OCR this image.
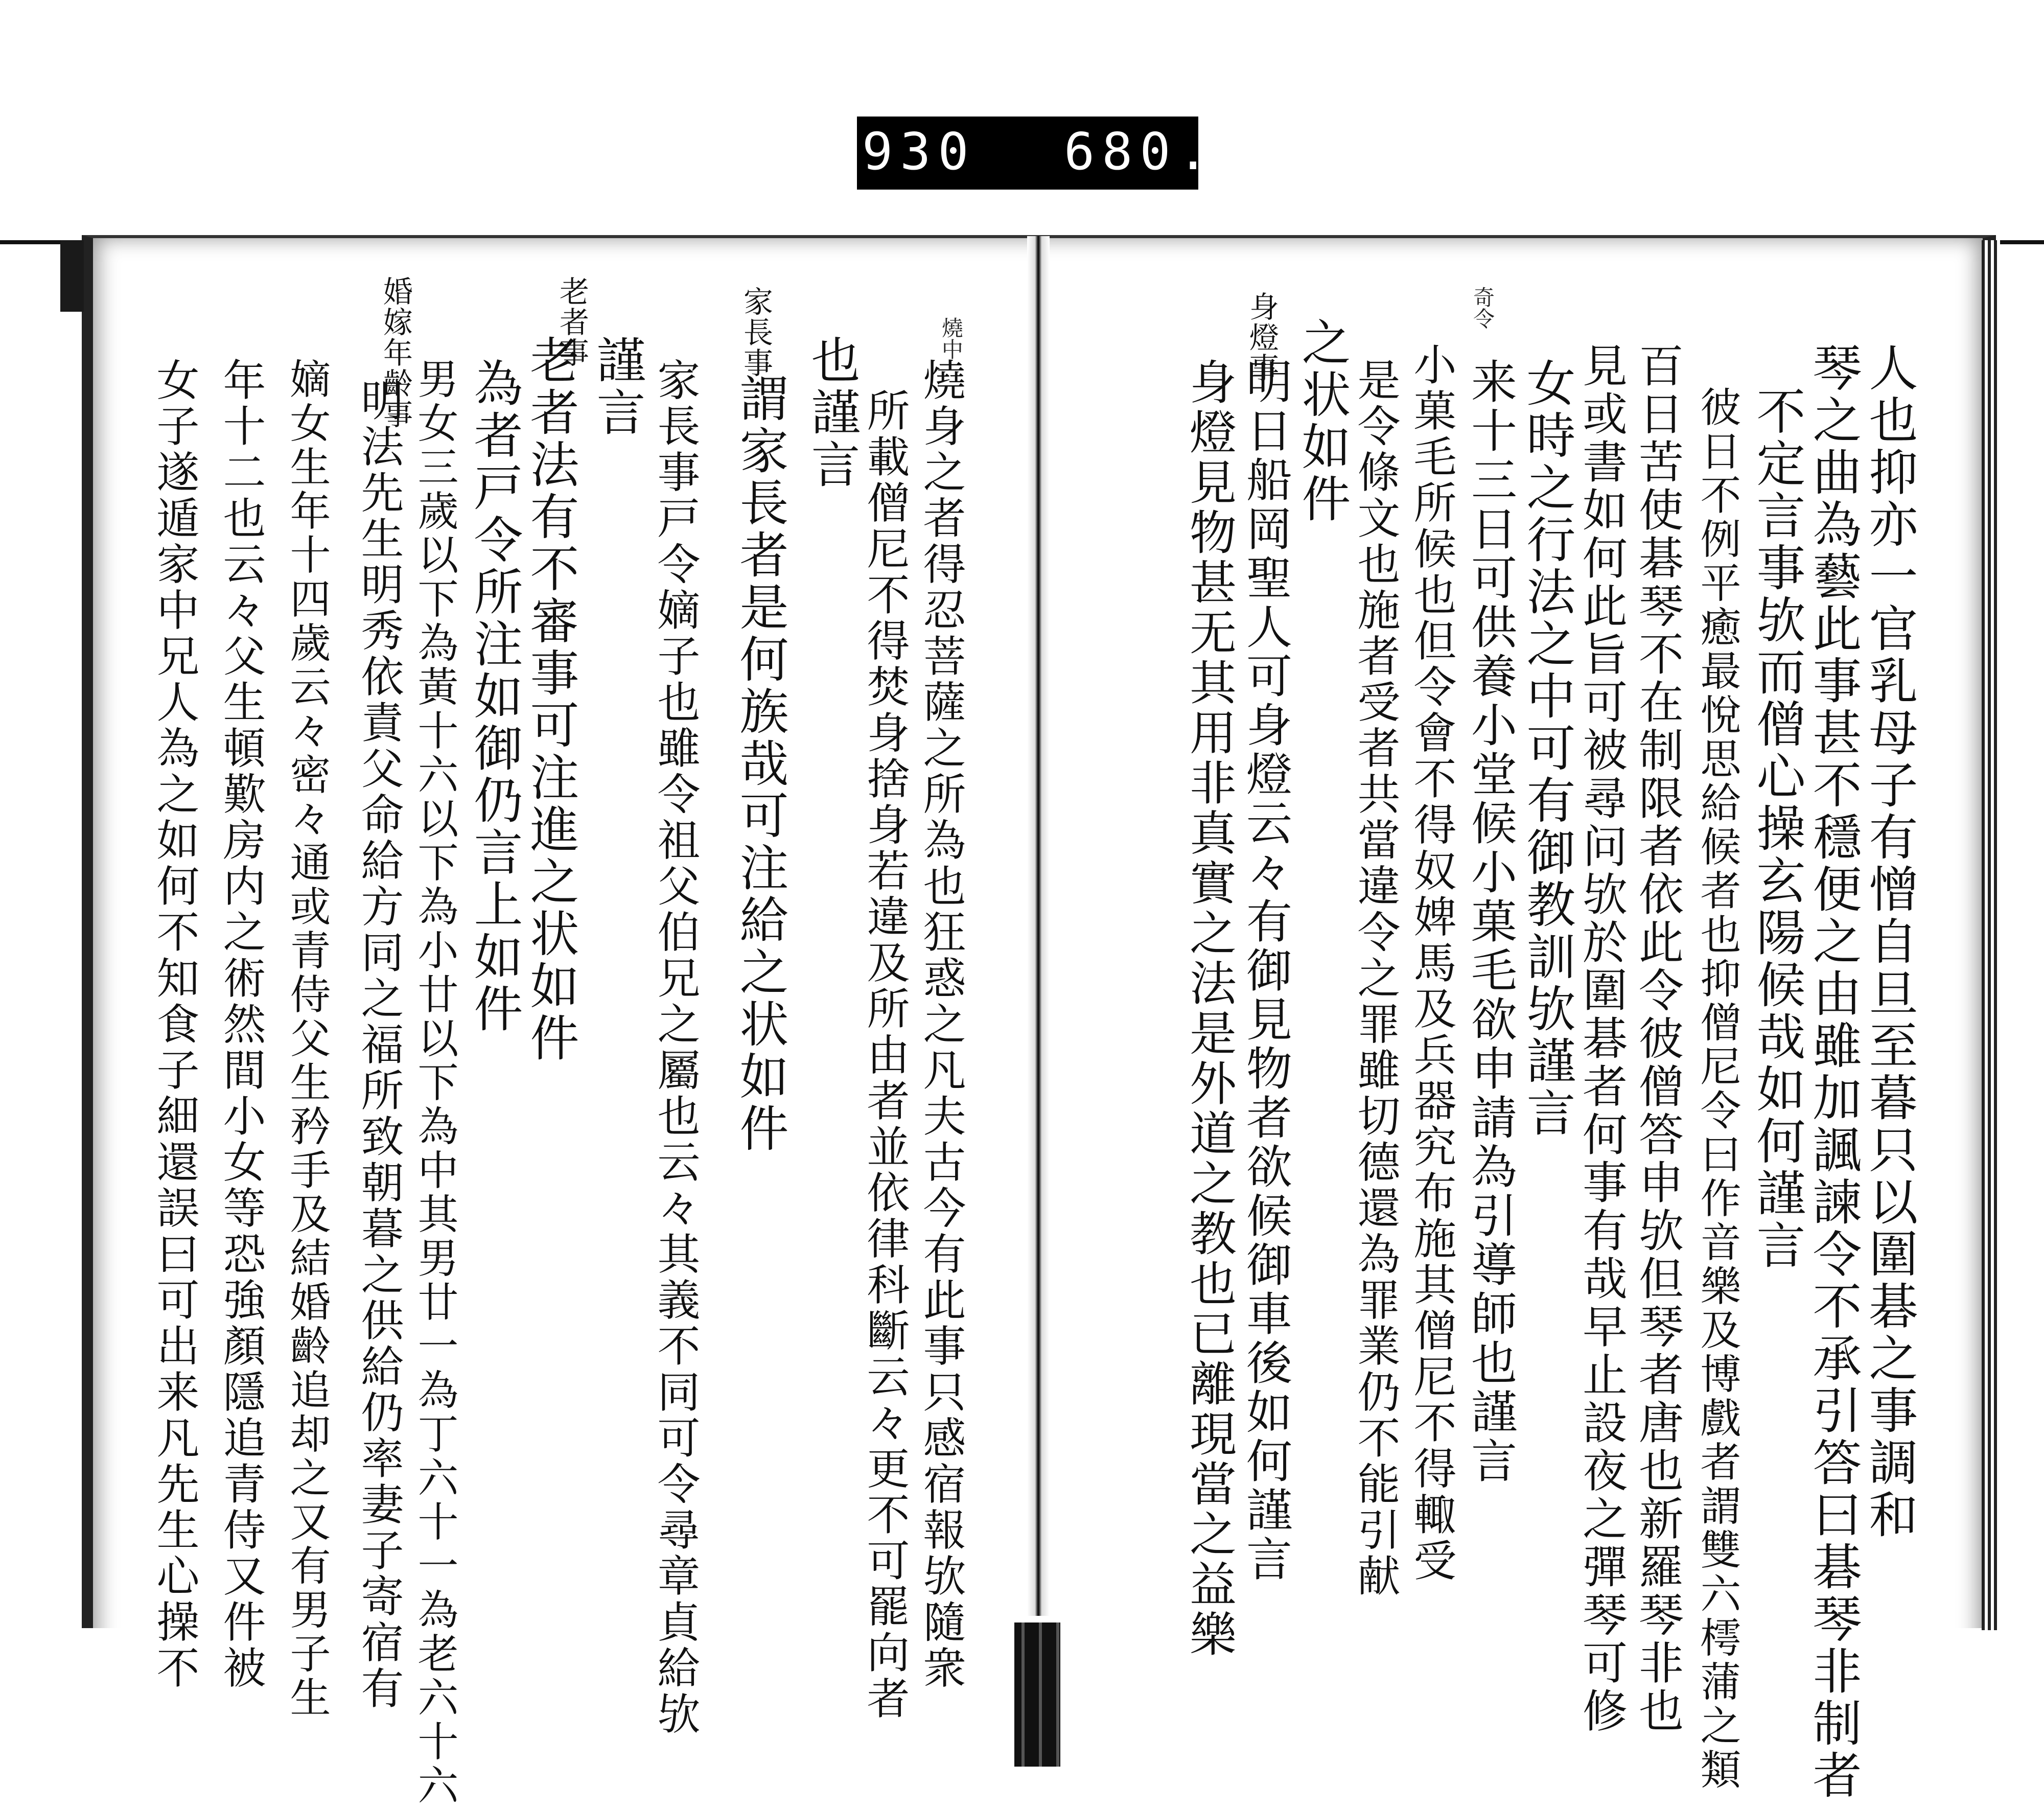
930 680.
人也抑亦一官乳母子有憎自旦至暮只以圍碁之事調和
琴之曲為藝此事甚不穩便之由雖加諷諫令不承引答曰碁琴非制者
不定言事欤而僧心操玄陽候哉如何謹言
彼日不例平癒最悅思給候者也抑僧尼令曰作音樂及博戲者謂雙六樗蒲之類
百日苦使碁琴不在制限者依此令彼僧答申欤但琴者唐也新羅琴非也
見或書如何此旨可被尋问欤於圍碁者何事有哉早止設夜之彈琴可修
女時之行法之中可有御教訓欤謹言
来十三日可供養小堂候小菓毛欲申請為引導師也謹言
小菓毛所候也但令會不得奴婢馬及兵器究布施其僧尼不得輙受
是令條文也施者受者共當違令之罪雖切德還為罪業仍不能引献
之状如件
明日船岡聖人可身燈云々有御見物者欲候御車後如何謹言
身燈見物甚无其用非真實之法是外道之教也已離現當之益樂
身燈事	奇令
燒身之者得忍菩薩之所為也狂惑之凡夫古今有此事只感宿報欤隨衆
所載僧尼不得焚身捨身若違及所由者並依律科斷云々更不可罷向者
也謹言
謂家長者是何族哉可注給之状如件
家長事戸令嫡子也雖令祖父伯兄之屬也云々其義不同可令尋章貞給欤
謹言
老者法有不審事可注進之状如件
為者戸令所注如御仍言上如件
男女三歲以下為黃十六以下為小廿以下為中其男廿一為丁六十一為老六十六
明法先生明秀依責父命給方同之福所致朝暮之供給仍率妻子寄宿有
嫡女生年十四歲云々密々通或青侍父生矜手及結婚齡追却之又有男子生
年十二也云々父生頓歎房内之術然間小女等恐強顏隱追青侍又件被
女子遂遁家中兄人為之如何不知食子細還誤曰可出来凡先生心操不
家長事
老者事
婚嫁年齡事	燒中
